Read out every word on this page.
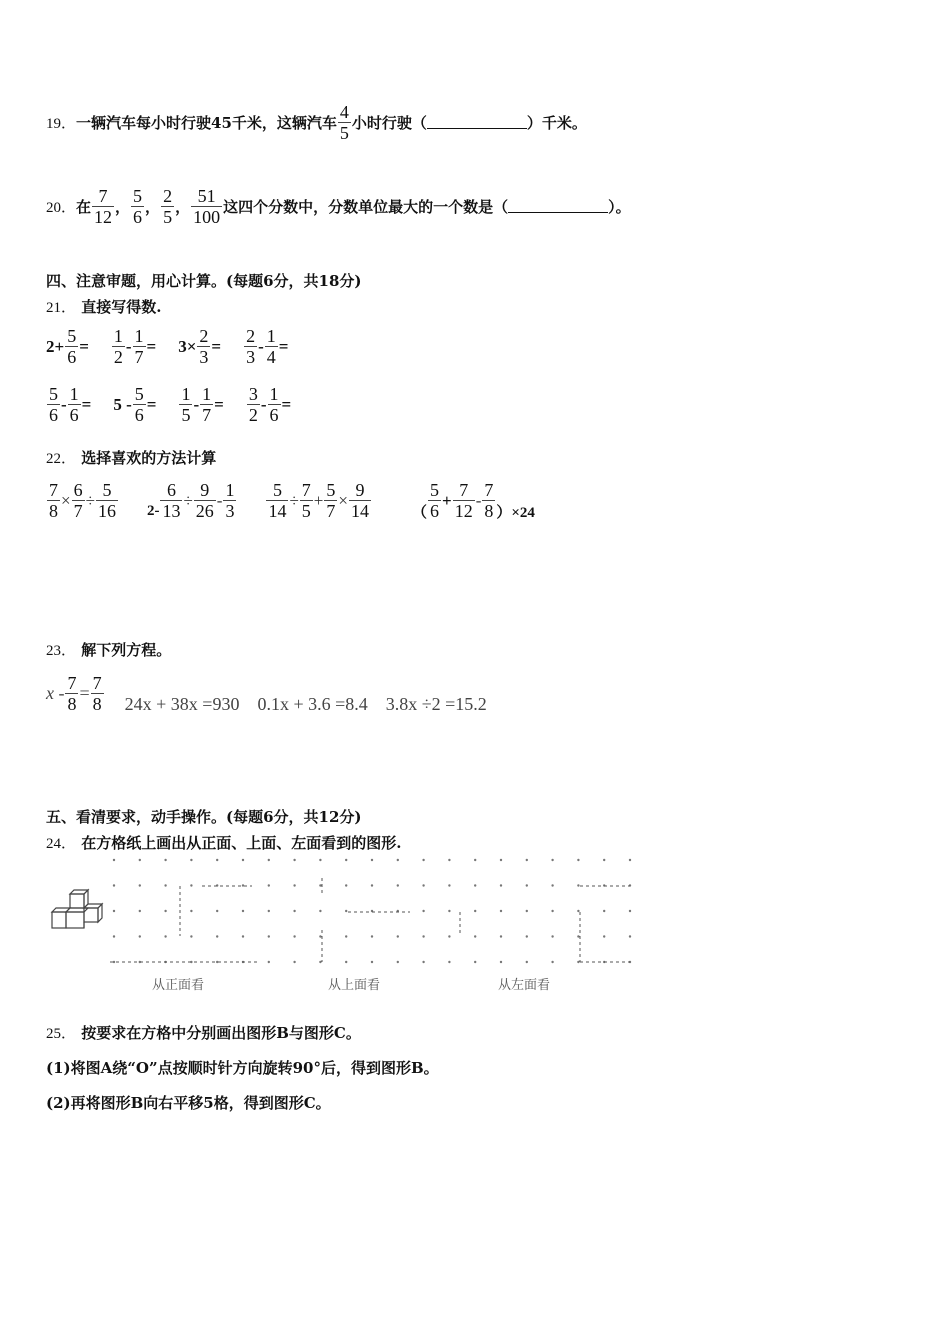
19． 一辆汽车每小时行驶45千米，这辆汽车 $\frac{4}{5}$ 小时行驶（	）千米。
20． 在 $\frac{7}{12}$ ， $\frac{5}{6}$ ， $\frac{2}{5}$ ， $\frac{51}{100}$ 这四个分数中，分数单位最大的一个数是（	）。
四、注意审题，用心计算。(每题6分，共18分)
21． 直接写得数.
$2+ \frac{5}{6} = \frac{1}{2} - \frac{1}{7} = 3\times \frac{2}{3} = \frac{2}{3} - \frac{1}{4}$ =
$\frac{5}{6} - \frac{1}{6} = 5 - \frac{5}{6} = \frac{1}{5} - \frac{1}{7} = \frac{3}{2} - \frac{1}{6}$ =
22． 选择喜欢的方法计算
$\frac{7}{8} \times \frac{6}{7} \div \frac{5}{16} 2- \frac{6}{13} \div \frac{9}{26} - \frac{1}{3} \frac{5}{14} \div \frac{7}{5} + \frac{5}{7} \times \frac{9}{14}$	（ $\frac{5}{6} + \frac{7}{12} - \frac{7}{8} )\times 24$
23． 解下列方程。
$x - \frac{7}{8} = \frac{7}{8} 24x + 38x =930$ 0.1x + 3.6 =8.4 3.8x ÷2 =15.2
五、看清要求，动手操作。(每题6分，共12分)
24． 在方格纸上画出从正面、上面、左面看到的图形.
从正面看	从上面看	从左面看
25． 按要求在方格中分别画出图形B与图形C。
(1)将图A绕“O”点按顺时针方向旋转90°后，得到图形B。
(2)再将图形B向右平移5格，得到图形C。
